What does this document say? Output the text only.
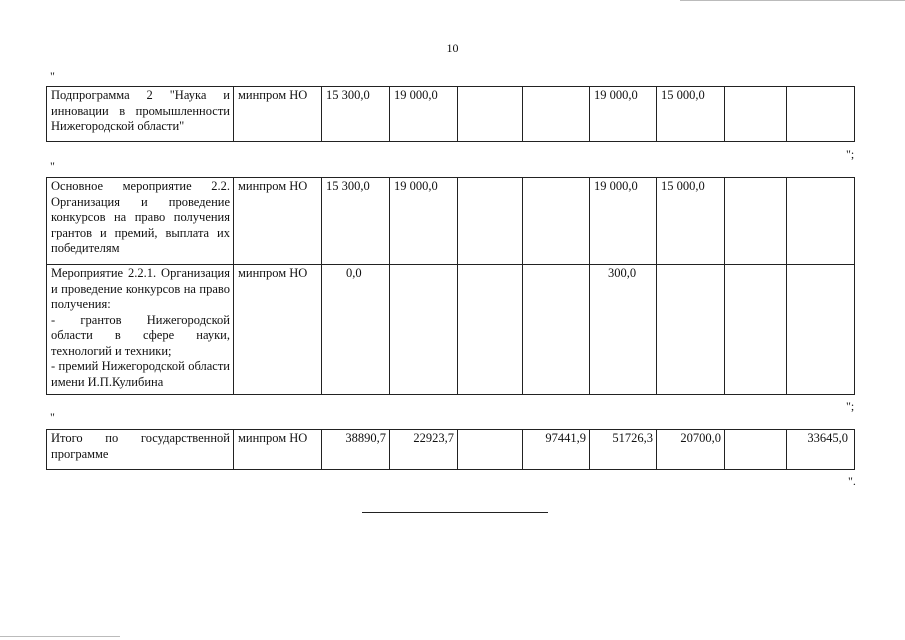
10
"
Подпрограмма 2 "Наука и инновации в промышленности Нижегородской области"	минпром НО	15 300,0	19 000,0			19 000,0	15 000,0		
";
"
Основное мероприятие 2.2. Организация и проведение конкурсов на право получения грантов и премий, выплата их победителям	минпром НО	15 300,0	19 000,0			19 000,0	15 000,0		

Мероприятие 2.2.1. Организация и проведение конкурсов на право получения:
- грантов Нижегородской области в сфере науки, технологий и техники;
- премий Нижегородской области имени И.П.Кулибина	минпром НО	0,0				300,0			
";
"
Итого по государственной программе	минпром НО	38890,7	22923,7		97441,9	51726,3	20700,0		33645,0
".
